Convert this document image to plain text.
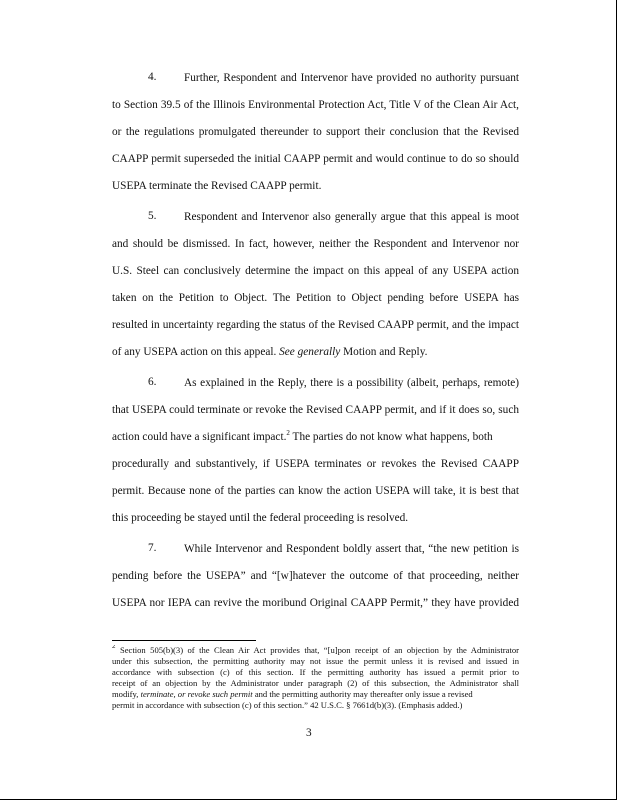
4. Further, Respondent and Intervenor have provided no authority pursuant
to Section 39.5 of the Illinois Environmental Protection Act, Title V of the Clean Air Act,
or the regulations promulgated thereunder to support their conclusion that the Revised
CAAPP permit superseded the initial CAAPP permit and would continue to do so should
USEPA terminate the Revised CAAPP permit.
5. Respondent and Intervenor also generally argue that this appeal is moot
and should be dismissed. In fact, however, neither the Respondent and Intervenor nor
U.S. Steel can conclusively determine the impact on this appeal of any USEPA action
taken on the Petition to Object. The Petition to Object pending before USEPA has
resulted in uncertainty regarding the status of the Revised CAAPP permit, and the impact
of any USEPA action on this appeal. See generally Motion and Reply.
6. As explained in the Reply, there is a possibility (albeit, perhaps, remote)
that USEPA could terminate or revoke the Revised CAAPP permit, and if it does so, such
action could have a significant impact.$^2$ The parties do not know what happens, both
procedurally and substantively, if USEPA terminates or revokes the Revised CAAPP
permit. Because none of the parties can know the action USEPA will take, it is best that
this proceeding be stayed until the federal proceeding is resolved.
7. While Intervenor and Respondent boldly assert that, “the new petition is
pending before the USEPA” and “[w]hatever the outcome of that proceeding, neither
USEPA nor IEPA can revive the moribund Original CAAPP Permit,” they have provided
$^2$ Section 505(b)(3) of the Clean Air Act provides that, “[u]pon receipt of an objection by the Administrator
under this subsection, the permitting authority may not issue the permit unless it is revised and issued in
accordance with subsection (c) of this section. If the permitting authority has issued a permit prior to
receipt of an objection by the Administrator under paragraph (2) of this subsection, the Administrator shall
modify, terminate, or revoke such permit and the permitting authority may thereafter only issue a revised
permit in accordance with subsection (c) of this section.” 42 U.S.C. § 7661d(b)(3). (Emphasis added.)
3
